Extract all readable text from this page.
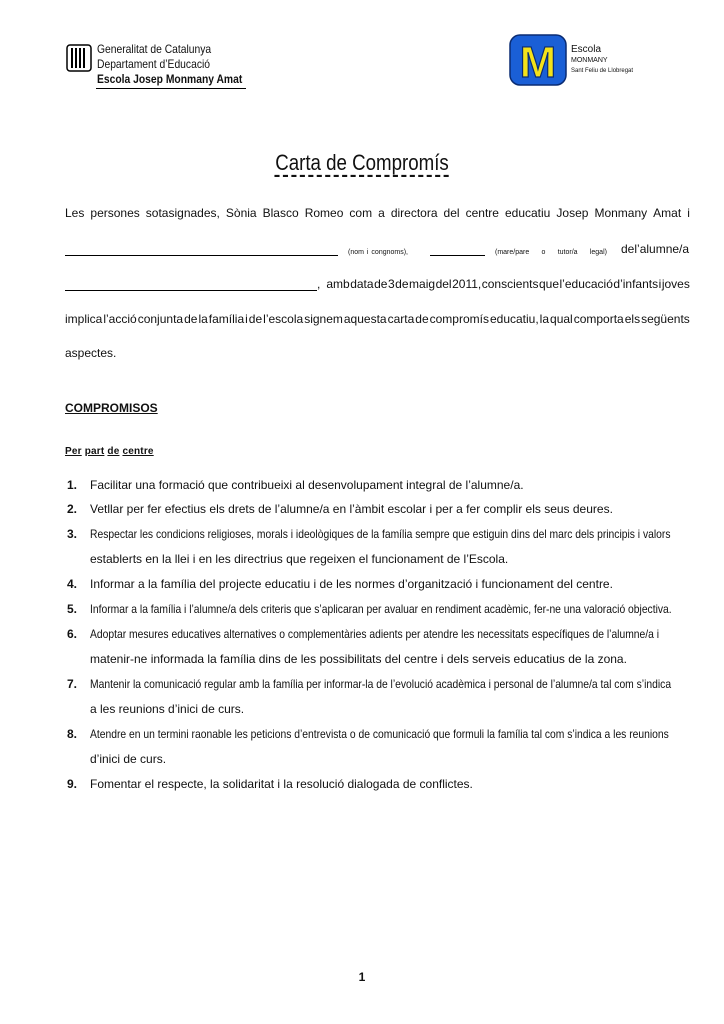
Generalitat de Catalunya
Departament d’Educació
Escola Josep Monmany Amat	M Escola
MONMANY
Sant Feliu de Llobregat
Carta de Compromís
Les persones sotasignades, Sònia Blasco Romeo com a directora del centre educatiu Josep Monmany Amat i
(nom i congnoms),	(mare/pare o tutor/a legal) de l’alumne/a
, amb data de 3 de maig del 2011, conscients que l’educació d’infants i joves
implica l’acció conjunta de la família i de l’escola signem aquesta carta de compromís educatiu, la qual comporta els següents
aspectes.
COMPROMISOS
Per part de centre
1. Facilitar una formació que contribueixi al desenvolupament integral de l’alumne/a.
2. Vetllar per fer efectius els drets de l’alumne/a en l’àmbit escolar i per a fer complir els seus deures.
3. Respectar les condicions religioses, morals i ideològiques de la família sempre que estiguin dins del marc dels principis i valors
establerts en la llei i en les directrius que regeixen el funcionament de l’Escola.
4. Informar a la família del projecte educatiu i de les normes d’organització i funcionament del centre.
5. Informar a la família i l’alumne/a dels criteris que s’aplicaran per avaluar en rendiment acadèmic, fer-ne una valoració objectiva.
6. Adoptar mesures educatives alternatives o complementàries adients per atendre les necessitats específiques de l’alumne/a i
matenir-ne informada la família dins de les possibilitats del centre i dels serveis educatius de la zona.
7. Mantenir la comunicació regular amb la família per informar-la de l’evolució acadèmica i personal de l’alumne/a tal com s’indica
a les reunions d’inici de curs.
8. Atendre en un termini raonable les peticions d’entrevista o de comunicació que formuli la família tal com s’indica a les reunions
d’inici de curs.
9. Fomentar el respecte, la solidaritat i la resolució dialogada de conflictes.
1
